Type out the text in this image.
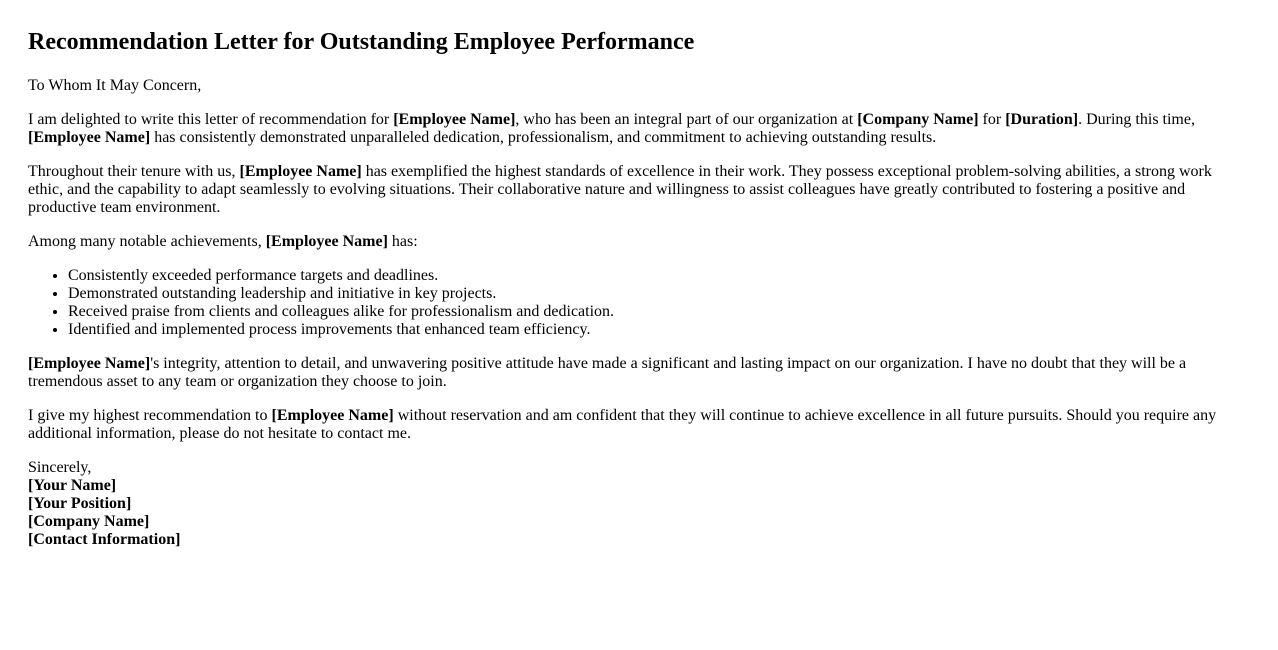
Recommendation Letter for Outstanding Employee Performance

To Whom It May Concern,

I am delighted to write this letter of recommendation for [Employee Name], who has been an integral part of our organization at [Company Name] for [Duration]. During this time, [Employee Name] has consistently demonstrated unparalleled dedication, professionalism, and commitment to achieving outstanding results.

Throughout their tenure with us, [Employee Name] has exemplified the highest standards of excellence in their work. They possess exceptional problem-solving abilities, a strong work ethic, and the capability to adapt seamlessly to evolving situations. Their collaborative nature and willingness to assist colleagues have greatly contributed to fostering a positive and productive team environment.

Among many notable achievements, [Employee Name] has:

• Consistently exceeded performance targets and deadlines.
• Demonstrated outstanding leadership and initiative in key projects.
• Received praise from clients and colleagues alike for professionalism and dedication.
• Identified and implemented process improvements that enhanced team efficiency.

[Employee Name]'s integrity, attention to detail, and unwavering positive attitude have made a significant and lasting impact on our organization. I have no doubt that they will be a tremendous asset to any team or organization they choose to join.

I give my highest recommendation to [Employee Name] without reservation and am confident that they will continue to achieve excellence in all future pursuits. Should you require any additional information, please do not hesitate to contact me.

Sincerely,
[Your Name]
[Your Position]
[Company Name]
[Contact Information]
